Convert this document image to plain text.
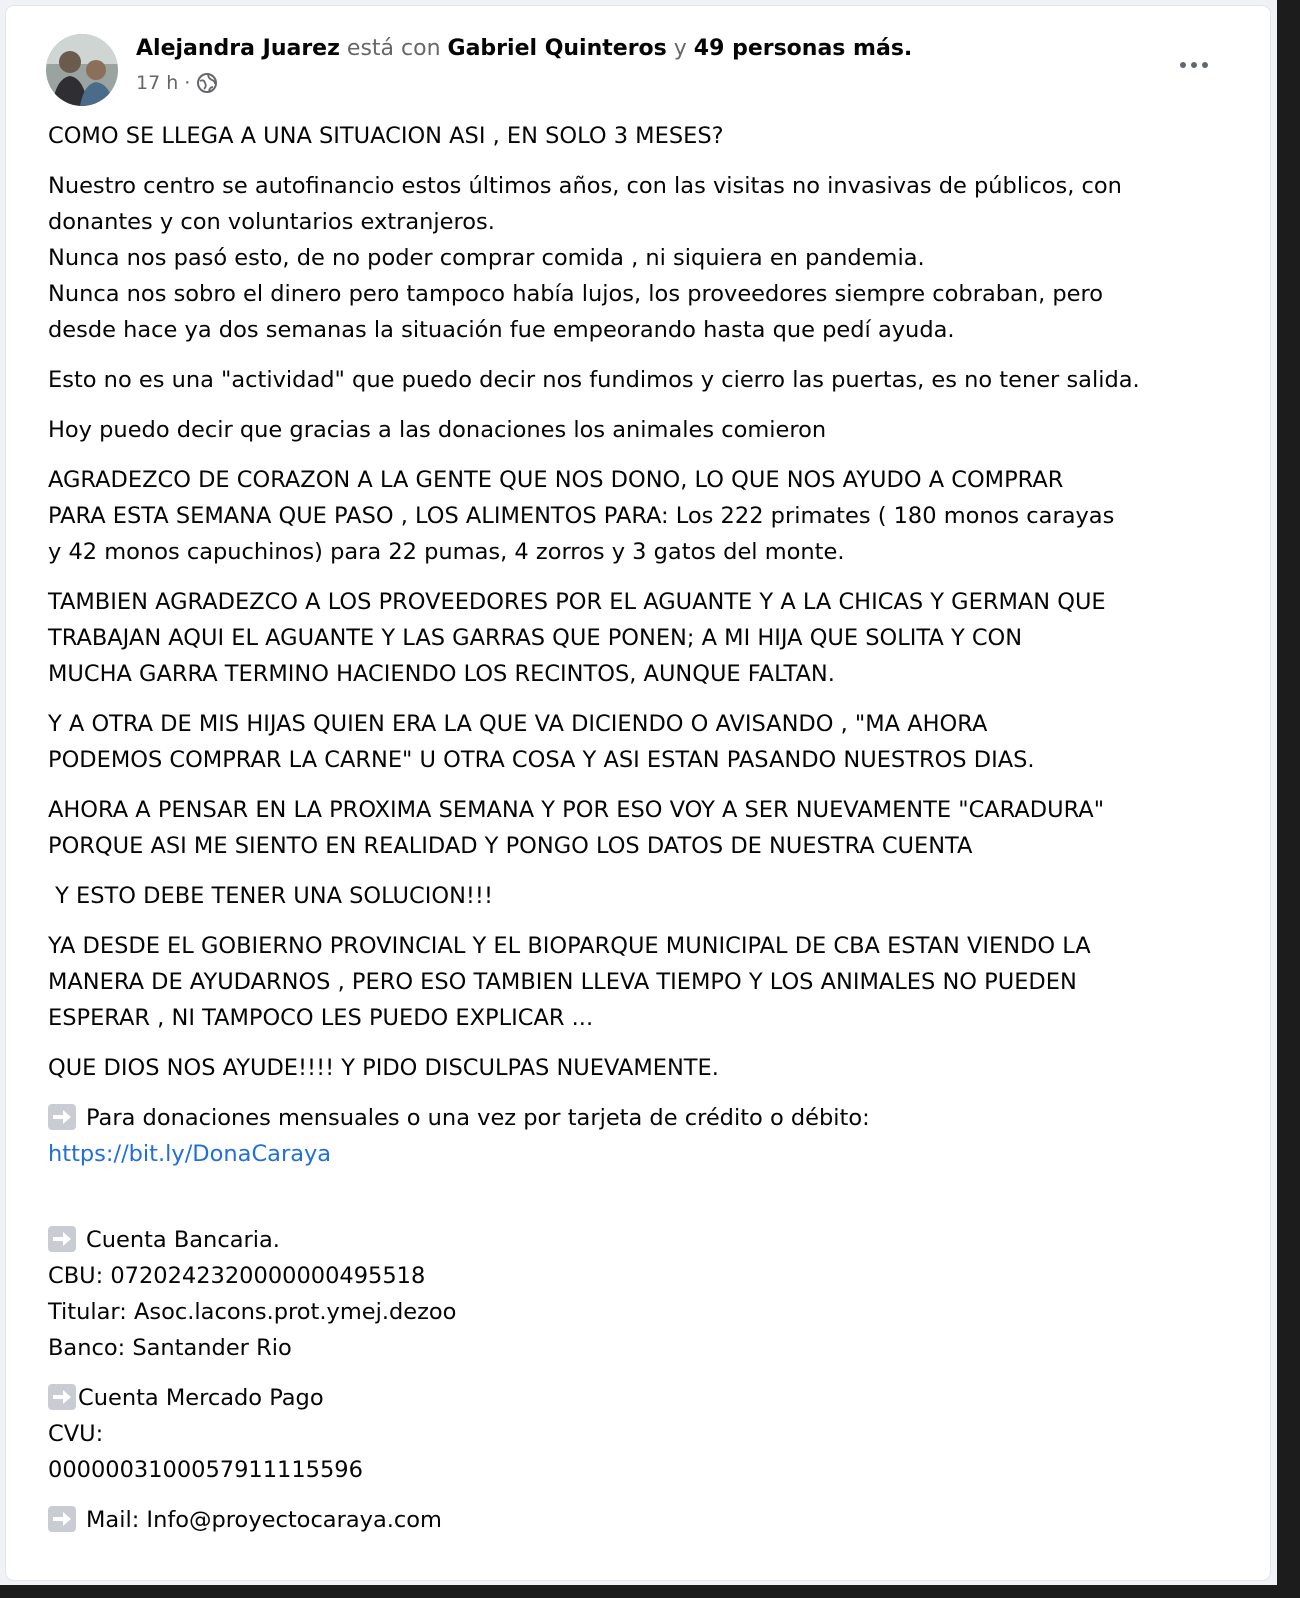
Alejandra Juarez está con Gabriel Quinteros y 49 personas más.
17 h ·

COMO SE LLEGA A UNA SITUACION ASI , EN SOLO 3 MESES?

Nuestro centro se autofinancio estos últimos años, con las visitas no invasivas de públicos, con
donantes y con voluntarios extranjeros.
Nunca nos pasó esto, de no poder comprar comida , ni siquiera en pandemia.
Nunca nos sobro el dinero pero tampoco había lujos, los proveedores siempre cobraban, pero
desde hace ya dos semanas la situación fue empeorando hasta que pedí ayuda.

Esto no es una "actividad" que puedo decir nos fundimos y cierro las puertas, es no tener salida.

Hoy puedo decir que gracias a las donaciones los animales comieron

AGRADEZCO DE CORAZON A LA GENTE QUE NOS DONO, LO QUE NOS AYUDO A COMPRAR
PARA ESTA SEMANA QUE PASO , LOS ALIMENTOS PARA: Los 222 primates ( 180 monos carayas
y 42 monos capuchinos) para 22 pumas, 4 zorros y 3 gatos del monte.

TAMBIEN AGRADEZCO A LOS PROVEEDORES POR EL AGUANTE Y A LA CHICAS Y GERMAN QUE
TRABAJAN AQUI EL AGUANTE Y LAS GARRAS QUE PONEN; A MI HIJA QUE SOLITA Y CON
MUCHA GARRA TERMINO HACIENDO LOS RECINTOS, AUNQUE FALTAN.

Y A OTRA DE MIS HIJAS QUIEN ERA LA QUE VA DICIENDO O AVISANDO , "MA AHORA
PODEMOS COMPRAR LA CARNE" U OTRA COSA Y ASI ESTAN PASANDO NUESTROS DIAS.

AHORA A PENSAR EN LA PROXIMA SEMANA Y POR ESO VOY A SER NUEVAMENTE "CARADURA"
PORQUE ASI ME SIENTO EN REALIDAD Y PONGO LOS DATOS DE NUESTRA CUENTA

Y ESTO DEBE TENER UNA SOLUCION!!!

YA DESDE EL GOBIERNO PROVINCIAL Y EL BIOPARQUE MUNICIPAL DE CBA ESTAN VIENDO LA
MANERA DE AYUDARNOS , PERO ESO TAMBIEN LLEVA TIEMPO Y LOS ANIMALES NO PUEDEN
ESPERAR , NI TAMPOCO LES PUEDO EXPLICAR ...

QUE DIOS NOS AYUDE!!!! Y PIDO DISCULPAS NUEVAMENTE.

Para donaciones mensuales o una vez por tarjeta de crédito o débito:
https://bit.ly/DonaCaraya

Cuenta Bancaria.
CBU: 0720242320000000495518
Titular: Asoc.lacons.prot.ymej.dezoo
Banco: Santander Rio

Cuenta Mercado Pago
CVU:
0000003100057911115596

Mail: Info@proyectocaraya.com
